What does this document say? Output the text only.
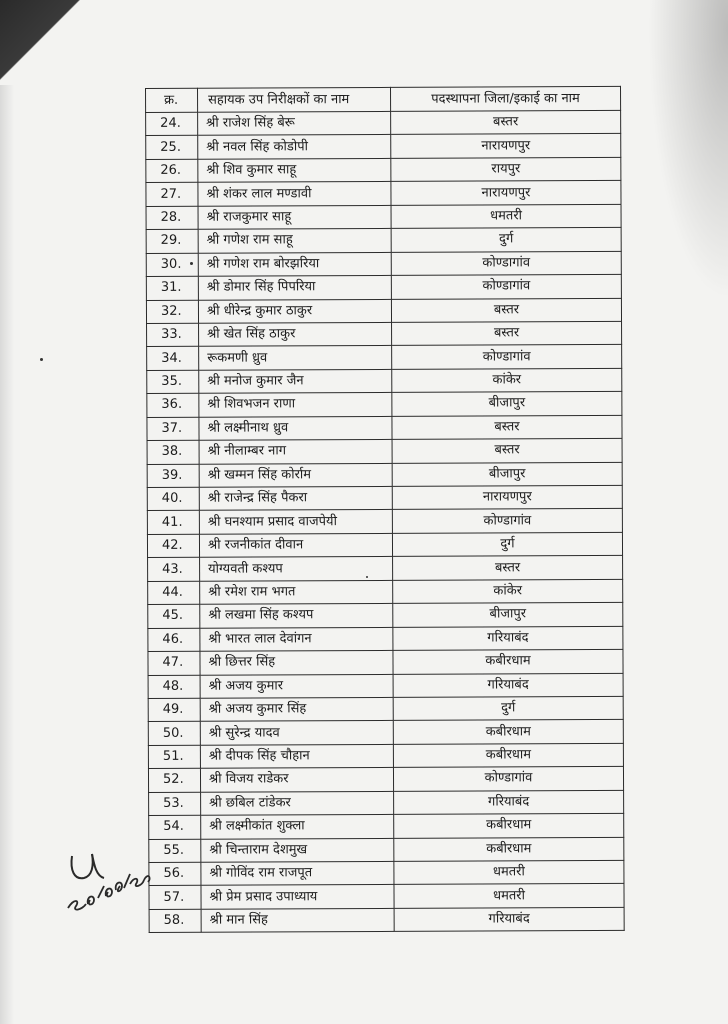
क्र.	सहायक उप निरीक्षकों का नाम	पदस्थापना जिला/इकाई का नाम
24.	श्री राजेश सिंह बेरू	बस्तर
25.	श्री नवल सिंह कोडोपी	नारायणपुर
26.	श्री शिव कुमार साहू	रायपुर
27.	श्री शंकर लाल मण्डावी	नारायणपुर
28.	श्री राजकुमार साहू	धमतरी
29.	श्री गणेश राम साहू	दुर्ग
30.	श्री गणेश राम बोरझरिया	कोण्डागांव
31.	श्री डोमार सिंह पिपरिया	कोण्डागांव
32.	श्री धीरेन्द्र कुमार ठाकुर	बस्तर
33.	श्री खेत सिंह ठाकुर	बस्तर
34.	रूकमणी ध्रुव	कोण्डागांव
35.	श्री मनोज कुमार जैन	कांकेर
36.	श्री शिवभजन राणा	बीजापुर
37.	श्री लक्ष्मीनाथ ध्रुव	बस्तर
38.	श्री नीलाम्बर नाग	बस्तर
39.	श्री खम्मन सिंह कोर्राम	बीजापुर
40.	श्री राजेन्द्र सिंह पैकरा	नारायणपुर
41.	श्री घनश्याम प्रसाद वाजपेयी	कोण्डागांव
42.	श्री रजनीकांत दीवान	दुर्ग
43.	योग्यवती कश्यप	बस्तर
44.	श्री रमेश राम भगत	कांकेर
45.	श्री लखमा सिंह कश्यप	बीजापुर
46.	श्री भारत लाल देवांगन	गरियाबंद
47.	श्री छित्तर सिंह	कबीरधाम
48.	श्री अजय कुमार	गरियाबंद
49.	श्री अजय कुमार सिंह	दुर्ग
50.	श्री सुरेन्द्र यादव	कबीरधाम
51.	श्री दीपक सिंह चौहान	कबीरधाम
52.	श्री विजय राडेकर	कोण्डागांव
53.	श्री छबिल टांडेकर	गरियाबंद
54.	श्री लक्ष्मीकांत शुक्ला	कबीरधाम
55.	श्री चिन्ताराम देशमुख	कबीरधाम
56.	श्री गोविंद राम राजपूत	धमतरी
57.	श्री प्रेम प्रसाद उपाध्याय	धमतरी
58.	श्री मान सिंह	गरियाबंद
